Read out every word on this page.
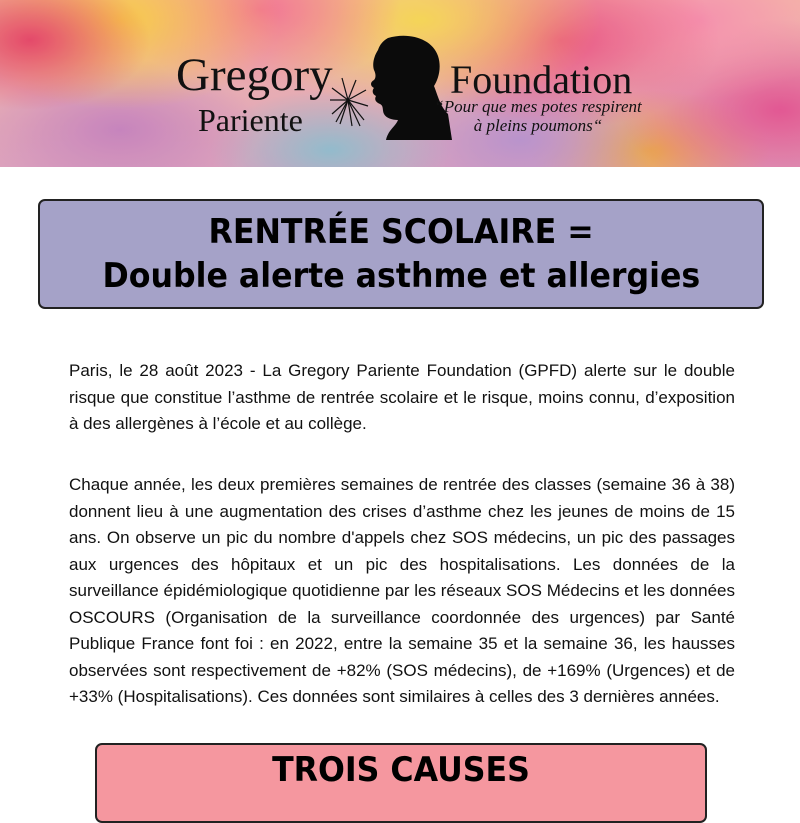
Gregory
Pariente
Foundation
“Pour que mes potes respirent
à pleins poumons“
RENTRÉE SCOLAIRE =
Double alerte asthme et allergies

Paris, le 28 août 2023 - La Gregory Pariente Foundation (GPFD) alerte sur le double risque que constitue l’asthme de rentrée scolaire et le risque, moins connu, d’exposition à des allergènes à l’école et au collège.

Chaque année, les deux premières semaines de rentrée des classes (semaine 36 à 38) donnent lieu à une augmentation des crises d’asthme chez les jeunes de moins de 15 ans. On observe un pic du nombre d'appels chez SOS médecins, un pic des passages aux urgences des hôpitaux et un pic des hospitalisations. Les données de la surveillance épidémiologique quotidienne par les réseaux SOS Médecins et les données OSCOURS (Organisation de la surveillance coordonnée des urgences) par Santé Publique France font foi : en 2022, entre la semaine 35 et la semaine 36, les hausses observées sont respectivement de +82% (SOS médecins), de +169% (Urgences) et de +33% (Hospitalisations). Ces données sont similaires à celles des 3 dernières années.

TROIS CAUSES
